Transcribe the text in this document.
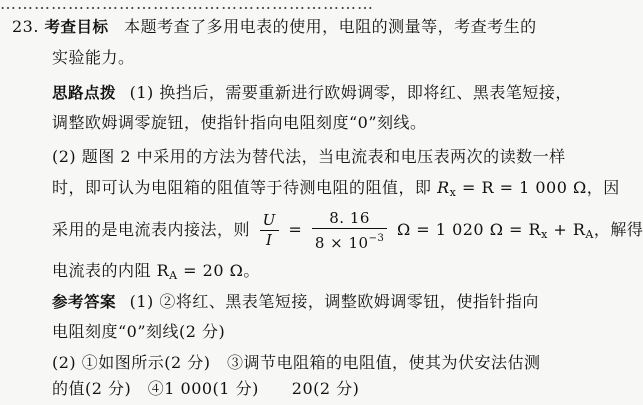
…………………………………………………………
23. 考查目标 本题考查了多用电表的使用，电阻的测量等，考查考生的
实验能力。
思路点拨 (1) 换挡后，需要重新进行欧姆调零，即将红、黑表笔短接，
调整欧姆调零旋钮，使指针指向电阻刻度“0”刻线。
(2) 题图 2 中采用的方法为替代法，当电流表和电压表两次的读数一样
时，即可认为电阻箱的阻值等于待测电阻的阻值，即 $R_x = R = 1$ 000 Ω，因
采用的是电流表内接法，则 $\frac{U}{I} = \frac{8. 16}{8 \times 10^{-3}}$ Ω = 1 020 $\Omega = R_x + R_A$，解得
电流表的内阻 $R_A = 20$ Ω。
参考答案 (1) ②将红、黑表笔短接，调整欧姆调零钮，使指针指向
电阻刻度“0”刻线(2 分)
(2) ①如图所示(2 分)　③调节电阻箱的电阻值，使其为伏安法估测
的值(2 分)　④1 000(1 分)　　20(2 分)
